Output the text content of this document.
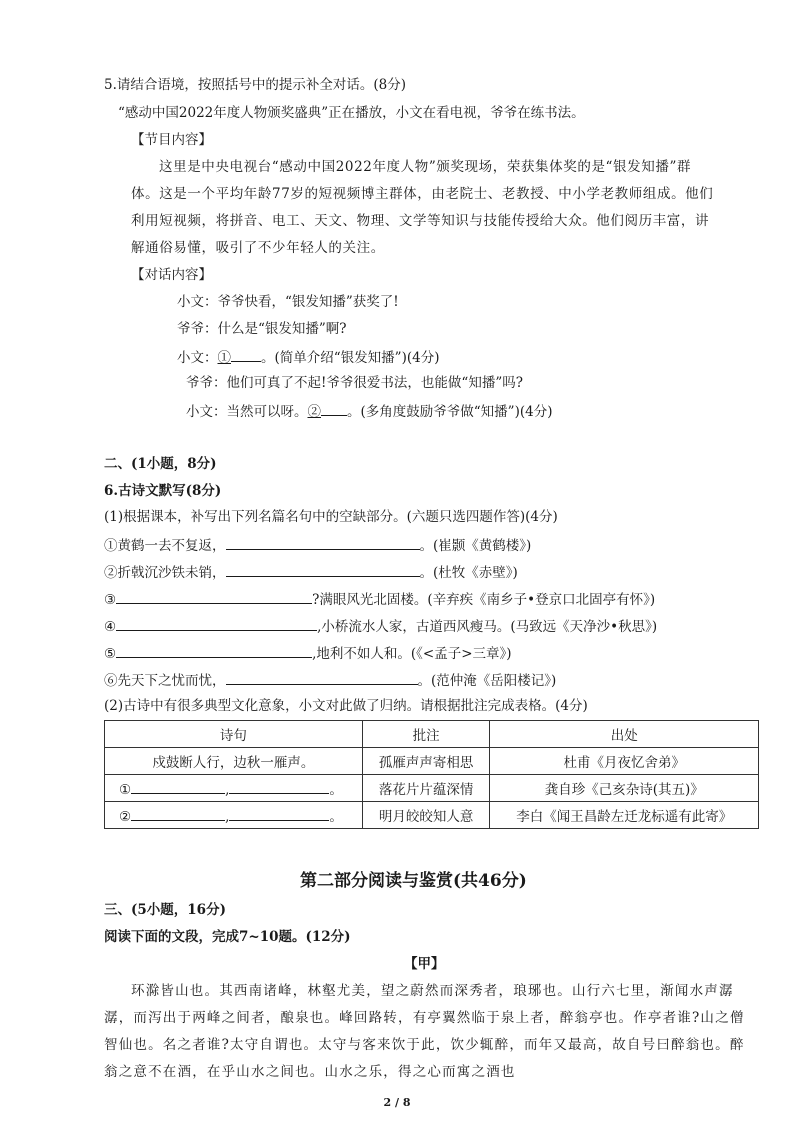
5.请结合语境，按照括号中的提示补全对话。(8分)
“感动中国2022年度人物颁奖盛典”正在播放，小文在看电视，爷爷在练书法。
【节目内容】
这里是中央电视台“感动中国2022年度人物”颁奖现场，荣获集体奖的是“银发知播”群
体。这是一个平均年龄77岁的短视频博主群体，由老院士、老教授、中小学老教师组成。他们
利用短视频，将拼音、电工、天文、物理、文学等知识与技能传授给大众。他们阅历丰富，讲
解通俗易懂，吸引了不少年轻人的关注。
【对话内容】
小文：爷爷快看，“银发知播”获奖了!
爷爷：什么是“银发知播”啊?
小文：① 。(简单介绍“银发知播”)(4分)
爷爷：他们可真了不起!爷爷很爱书法，也能做“知播”吗?
小文：当然可以呀。② 。(多角度鼓励爷爷做“知播”)(4分)
二、(1小题，8分)
6.古诗文默写(8分)
(1)根据课本，补写出下列名篇名句中的空缺部分。(六题只选四题作答)(4分)
①黄鹤一去不复返，	。(崔颢《黄鹤楼》)
②折戟沉沙铁未销，	。(杜牧《赤壁》)
③	?满眼风光北固楼。(辛弃疾《南乡子•登京口北固亭有怀》)
④	,小桥流水人家，古道西风瘦马。(马致远《天净沙•秋思》)
⑤	,地利不如人和。(《<孟子>三章》)
⑥先天下之忧而忧，	。(范仲淹《岳阳楼记》)
(2)古诗中有很多典型文化意象，小文对此做了归纳。请根据批注完成表格。(4分)
诗句	批注	出处
戍鼓断人行，边秋一雁声。	孤雁声声寄相思	杜甫《月夜忆舍弟》
① , 。	落花片片蕴深情	龚自珍《己亥杂诗(其五)》
② , 。	明月皎皎知人意	李白《闻王昌龄左迁龙标遥有此寄》
第二部分阅读与鉴赏(共46分)
三、(5小题，16分)
阅读下面的文段，完成7~10题。(12分)
【甲】
环滁皆山也。其西南诸峰，林壑尤美，望之蔚然而深秀者，琅琊也。山行六七里，渐闻水声潺
潺，而泻出于两峰之间者，酿泉也。峰回路转，有亭翼然临于泉上者，醉翁亭也。作亭者谁?山之僧
智仙也。名之者谁?太守自谓也。太守与客来饮于此，饮少辄醉，而年又最高，故自号曰醉翁也。醉
翁之意不在酒，在乎山水之间也。山水之乐，得之心而寓之酒也
2 / 8
